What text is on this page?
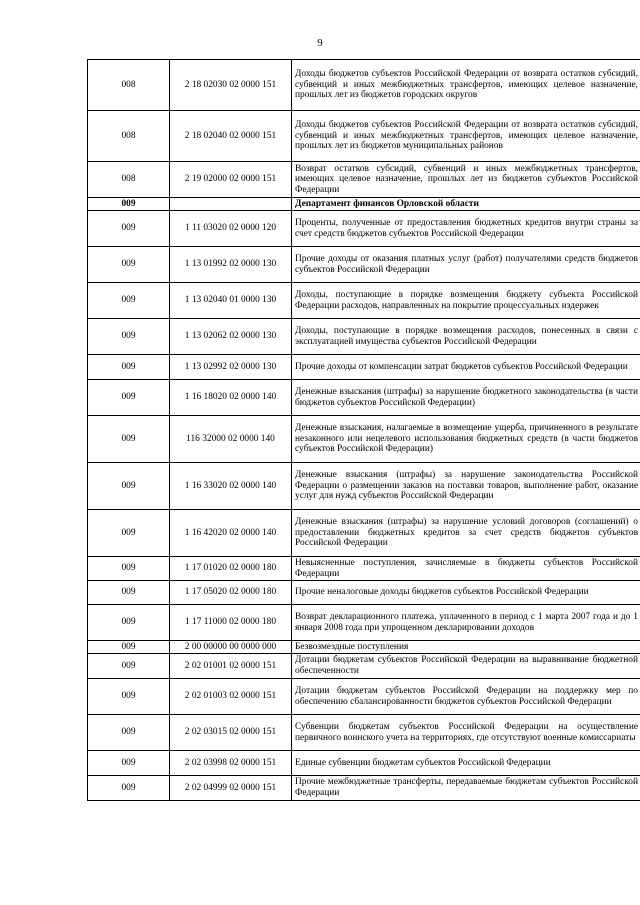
9
008	2 18 02030 02 0000 151	Доходы бюджетов субъектов Российской Федерации от возврата остатков субсидий, субвенций и иных межбюджетных трансфертов, имеющих целевое назначение, прошлых лет из бюджетов городских округов
008	2 18 02040 02 0000 151	Доходы бюджетов субъектов Российской Федерации от возврата остатков субсидий, субвенций и иных межбюджетных трансфертов, имеющих целевое назначение, прошлых лет из бюджетов муниципальных районов
008	2 19 02000 02 0000 151	Возврат остатков субсидий, субвенций и иных межбюджетных трансфертов, имеющих целевое назначение, прошлых лет из бюджетов субъектов Российской Федерации
009		Департамент финансов Орловской области
009	1 11 03020 02 0000 120	Проценты, полученные от предоставления бюджетных кредитов внутри страны за счет средств бюджетов субъектов Российской Федерации
009	1 13 01992 02 0000 130	Прочие доходы от оказания платных услуг (работ) получателями средств бюджетов субъектов Российской Федерации
009	1 13 02040 01 0000 130	Доходы, поступающие в порядке возмещения бюджету субъекта Российской Федерации расходов, направленных на покрытие процессуальных издержек
009	1 13 02062 02 0000 130	Доходы, поступающие в порядке возмещения расходов, понесенных в связи с эксплуатацией имущества субъектов Российской Федерации
009	1 13 02992 02 0000 130	Прочие доходы от компенсации затрат бюджетов субъектов Российской Федерации
009	1 16 18020 02 0000 140	Денежные взыскания (штрафы) за нарушение бюджетного законодательства (в части бюджетов субъектов Российской Федерации)
009	116 32000 02 0000 140	Денежные взыскания, налагаемые в возмещение ущерба, причиненного в результате незаконного или нецелевого использования бюджетных средств (в части бюджетов субъектов Российской Федерации)
009	1 16 33020 02 0000 140	Денежные взыскания (штрафы) за нарушение законодательства Российской Федерации о размещении заказов на поставки товаров, выполнение работ, оказание услуг для нужд субъектов Российской Федерации
009	1 16 42020 02 0000 140	Денежные взыскания (штрафы) за нарушение условий договоров (соглашений) о предоставлении бюджетных кредитов за счет средств бюджетов субъектов Российской Федерации
009	1 17 01020 02 0000 180	Невыясненные поступления, зачисляемые в бюджеты субъектов Российской Федерации
009	1 17 05020 02 0000 180	Прочие неналоговые доходы бюджетов субъектов Российской Федерации
009	1 17 11000 02 0000 180	Возврат декларационного платежа, уплаченного в период с 1 марта 2007 года и до 1 января 2008 года при упрощенном декларировании доходов
009	2 00 00000 00 0000 000	Безвозмездные поступления
009	2 02 01001 02 0000 151	Дотации бюджетам субъектов Российской Федерации на выравнивание бюджетной обеспеченности
009	2 02 01003 02 0000 151	Дотации бюджетам субъектов Российской Федерации на поддержку мер по обеспечению сбалансированности бюджетов субъектов Российской Федерации
009	2 02 03015 02 0000 151	Субвенции бюджетам субъектов Российской Федерации на осуществление первичного воинского учета на территориях, где отсутствуют военные комиссариаты
009	2 02 03998 02 0000 151	Единые субвенции бюджетам субъектов Российской Федерации
009	2 02 04999 02 0000 151	Прочие межбюджетные трансферты, передаваемые бюджетам субъектов Российской Федерации
